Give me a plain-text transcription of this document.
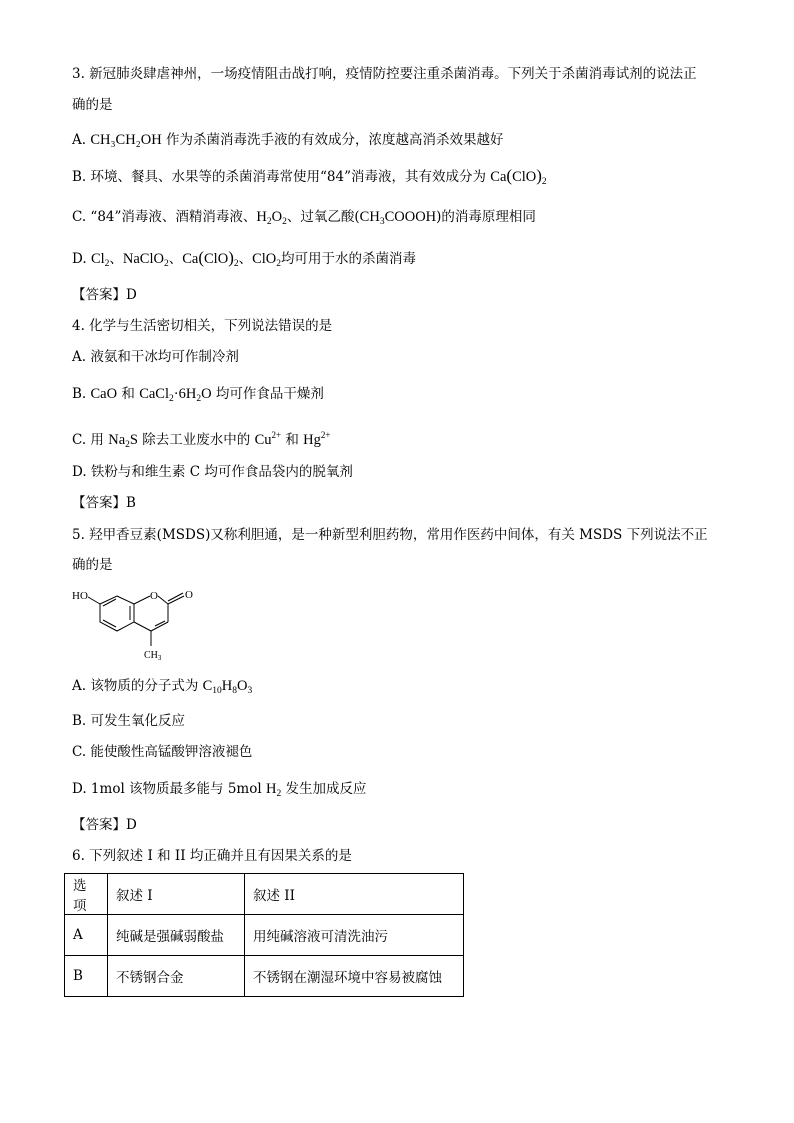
3. 新冠肺炎肆虐神州，一场疫情阻击战打响，疫情防控要注重杀菌消毒。下列关于杀菌消毒试剂的说法正
确的是
A. CH₃CH₂OH 作为杀菌消毒洗手液的有效成分，浓度越高消杀效果越好
B. 环境、餐具、水果等的杀菌消毒常使用“84”消毒液，其有效成分为 $Ca(ClO)_2$
C. “84”消毒液、酒精消毒液、$H_2O_2$、过氧乙酸$(CH_3COOOH)$的消毒原理相同
D. $Cl_2$、NaClO$_2$、$Ca(ClO)_2$、ClO$_2$均可用于水的杀菌消毒
【答案】D
4. 化学与生活密切相关，下列说法错误的是
A. 液氨和干冰均可作制冷剂
B. CaO 和 $CaCl_2\cdot 6H_2O$ 均可作食品干燥剂
C. 用 $Na_2S$ 除去工业废水中的 $Cu^{2+}$ 和 $Hg^{2+}$
D. 铁粉与和维生素 C 均可作食品袋内的脱氧剂
【答案】B
5. 羟甲香豆素(MSDS)又称利胆通，是一种新型利胆药物，常用作医药中间体，有关 MSDS 下列说法不正
确的是
HO	O O
$CH_3$
A. 该物质的分子式为 $C_{10}H_8O_3$
B. 可发生氧化反应
C. 能使酸性高锰酸钾溶液褪色
D. 1mol 该物质最多能与 5mol $H_2$ 发生加成反应
【答案】D
6. 下列叙述 I 和 II 均正确并且有因果关系的是
选项	叙述 I	叙述 II
A	纯碱是强碱弱酸盐	用纯碱溶液可清洗油污
B	不锈钢合金	不锈钢在潮湿环境中容易被腐蚀
